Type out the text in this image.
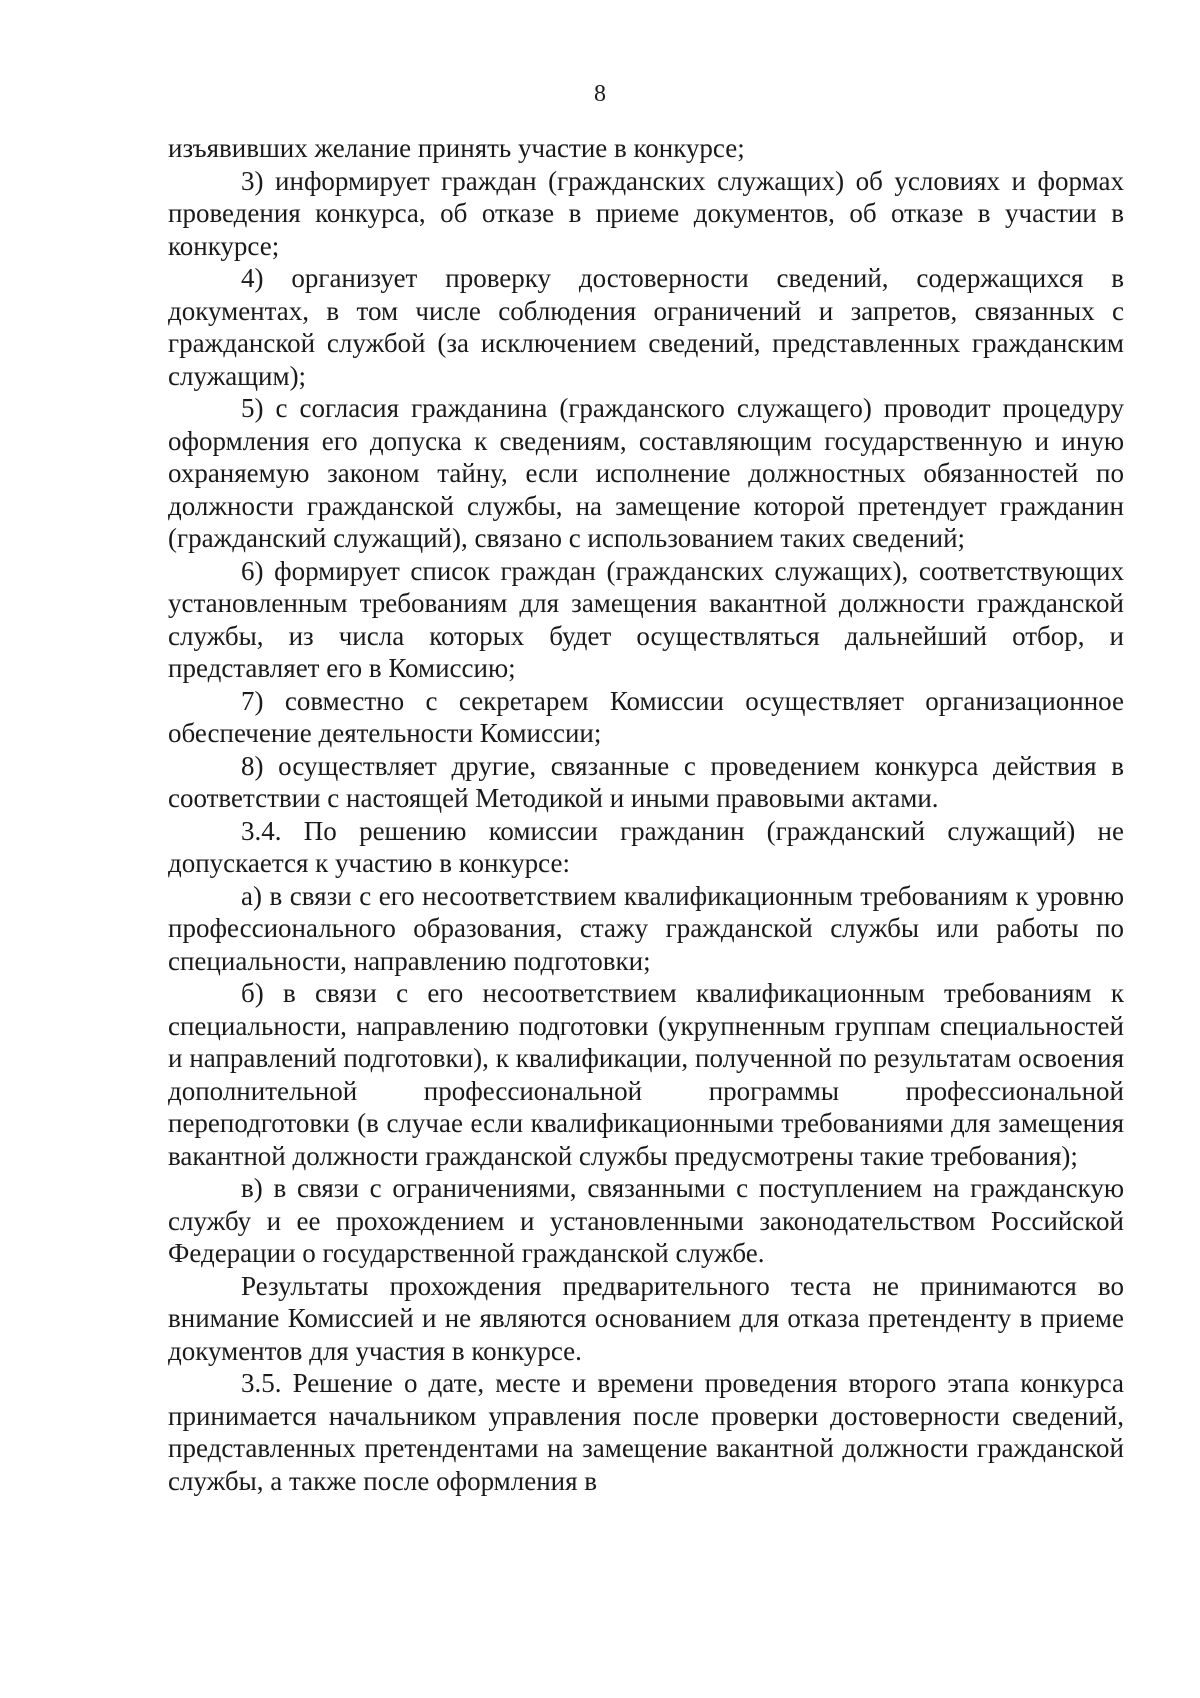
8

изъявивших желание принять участие в конкурсе;

3) информирует граждан (гражданских служащих) об условиях и формах проведения конкурса, об отказе в приеме документов, об отказе в участии в конкурсе;

4) организует проверку достоверности сведений, содержащихся в документах, в том числе соблюдения ограничений и запретов, связанных с гражданской службой (за исключением сведений, представленных гражданским служащим);

5) с согласия гражданина (гражданского служащего) проводит процедуру оформления его допуска к сведениям, составляющим государственную и иную охраняемую законом тайну, если исполнение должностных обязанностей по должности гражданской службы, на замещение которой претендует гражданин (гражданский служащий), связано с использованием таких сведений;

6) формирует список граждан (гражданских служащих), соответствующих установленным требованиям для замещения вакантной должности гражданской службы, из числа которых будет осуществляться дальнейший отбор, и представляет его в Комиссию;

7) совместно с секретарем Комиссии осуществляет организационное обеспечение деятельности Комиссии;

8) осуществляет другие, связанные с проведением конкурса действия в соответствии с настоящей Методикой и иными правовыми актами.

3.4. По решению комиссии гражданин (гражданский служащий) не допускается к участию в конкурсе:

а) в связи с его несоответствием квалификационным требованиям к уровню профессионального образования, стажу гражданской службы или работы по специальности, направлению подготовки;

б) в связи с его несоответствием квалификационным требованиям к специальности, направлению подготовки (укрупненным группам специальностей и направлений подготовки), к квалификации, полученной по результатам освоения дополнительной профессиональной программы профессиональной переподготовки (в случае если квалификационными требованиями для замещения вакантной должности гражданской службы предусмотрены такие требования);

в) в связи с ограничениями, связанными с поступлением на гражданскую службу и ее прохождением и установленными законодательством Российской Федерации о государственной гражданской службе.

Результаты прохождения предварительного теста не принимаются во внимание Комиссией и не являются основанием для отказа претенденту в приеме документов для участия в конкурсе.

3.5. Решение о дате, месте и времени проведения второго этапа конкурса принимается начальником управления после проверки достоверности сведений, представленных претендентами на замещение вакантной должности гражданской службы, а также после оформления в
